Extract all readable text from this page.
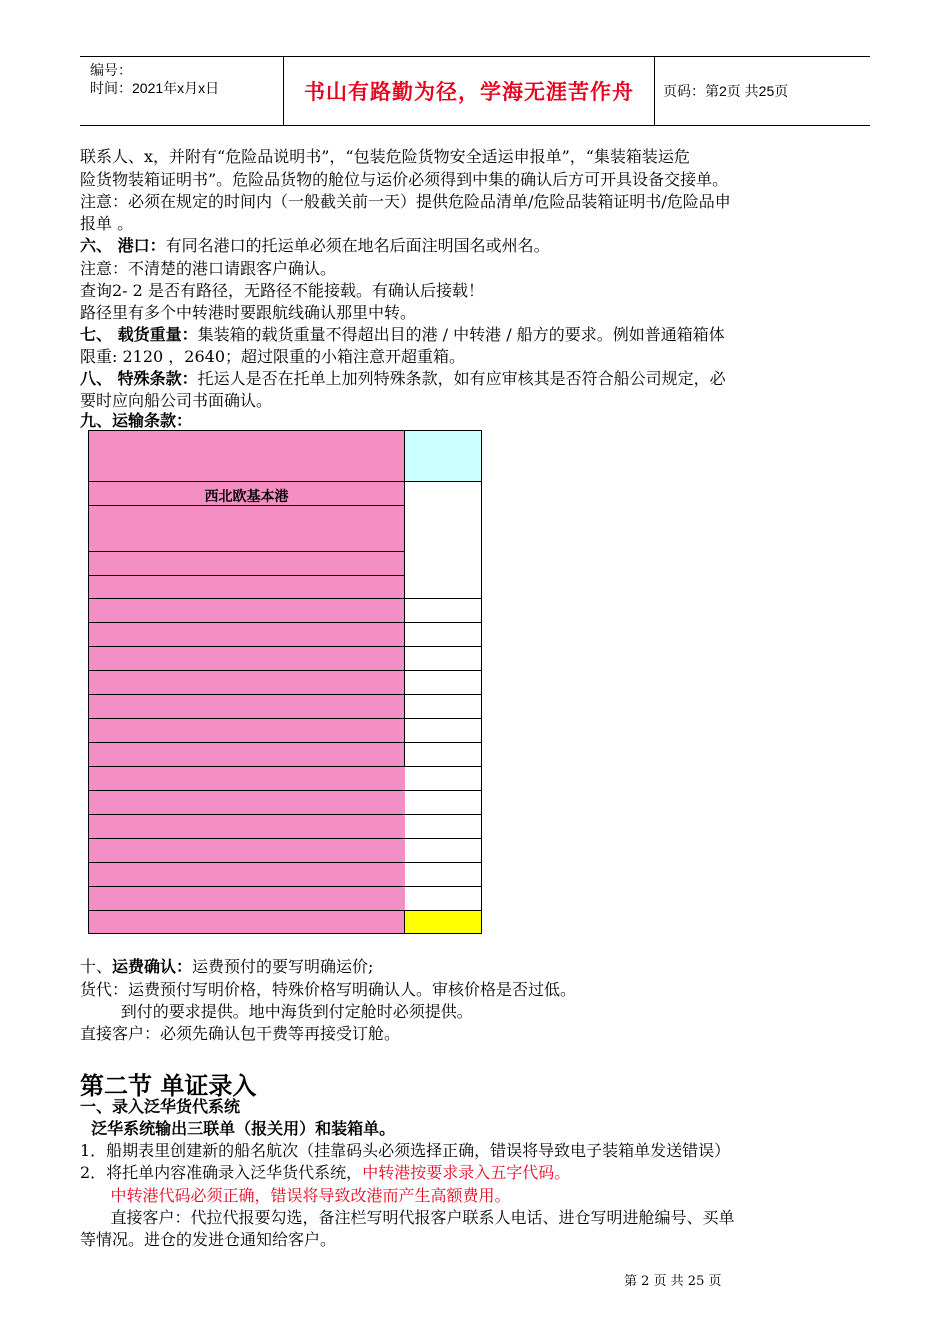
编号：
时间：2021年x月x日	书山有路勤为径，学海无涯苦作舟	页码：第2页 共25页
联系人、x，并附有“危险品说明书”，“包装危险货物安全适运申报单”，“集装箱装运危
险货物装箱证明书”。危险品货物的舱位与运价必须得到中集的确认后方可开具设备交接单。
注意：必须在规定的时间内（一般截关前一天）提供危险品清单/危险品装箱证明书/危险品申
报单 。
六、 港口：有同名港口的托运单必须在地名后面注明国名或州名。
注意：不清楚的港口请跟客户确认。
查询2- 2 是否有路径，无路径不能接载。有确认后接载！
路径里有多个中转港时要跟航线确认那里中转。
七、 载货重量：集装箱的载货重量不得超出目的港 / 中转港 / 船方的要求。例如普通箱箱体
限重: 2120 ，2640；超过限重的小箱注意开超重箱。
八、 特殊条款：托运人是否在托单上加列特殊条款，如有应审核其是否符合船公司规定，必
要时应向船公司书面确认。
九、运输条款：
西北欧基本港
十、运费确认：运费预付的要写明确运价;
货代：运费预付写明价格，特殊价格写明确认人。审核价格是否过低。
到付的要求提供。地中海货到付定舱时必须提供。
直接客户：必须先确认包干费等再接受订舱。
第二节 单证录入
一、录入泛华货代系统
泛华系统输出三联单（报关用）和装箱单。
1．船期表里创建新的船名航次（挂靠码头必须选择正确，错误将导致电子装箱单发送错误）
2．将托单内容准确录入泛华货代系统，中转港按要求录入五字代码。
中转港代码必须正确，错误将导致改港而产生高额费用。
直接客户：代拉代报要勾选，备注栏写明代报客户联系人电话、进仓写明进舱编号、买单
等情况。进仓的发进仓通知给客户。
第 2 页 共 25 页
